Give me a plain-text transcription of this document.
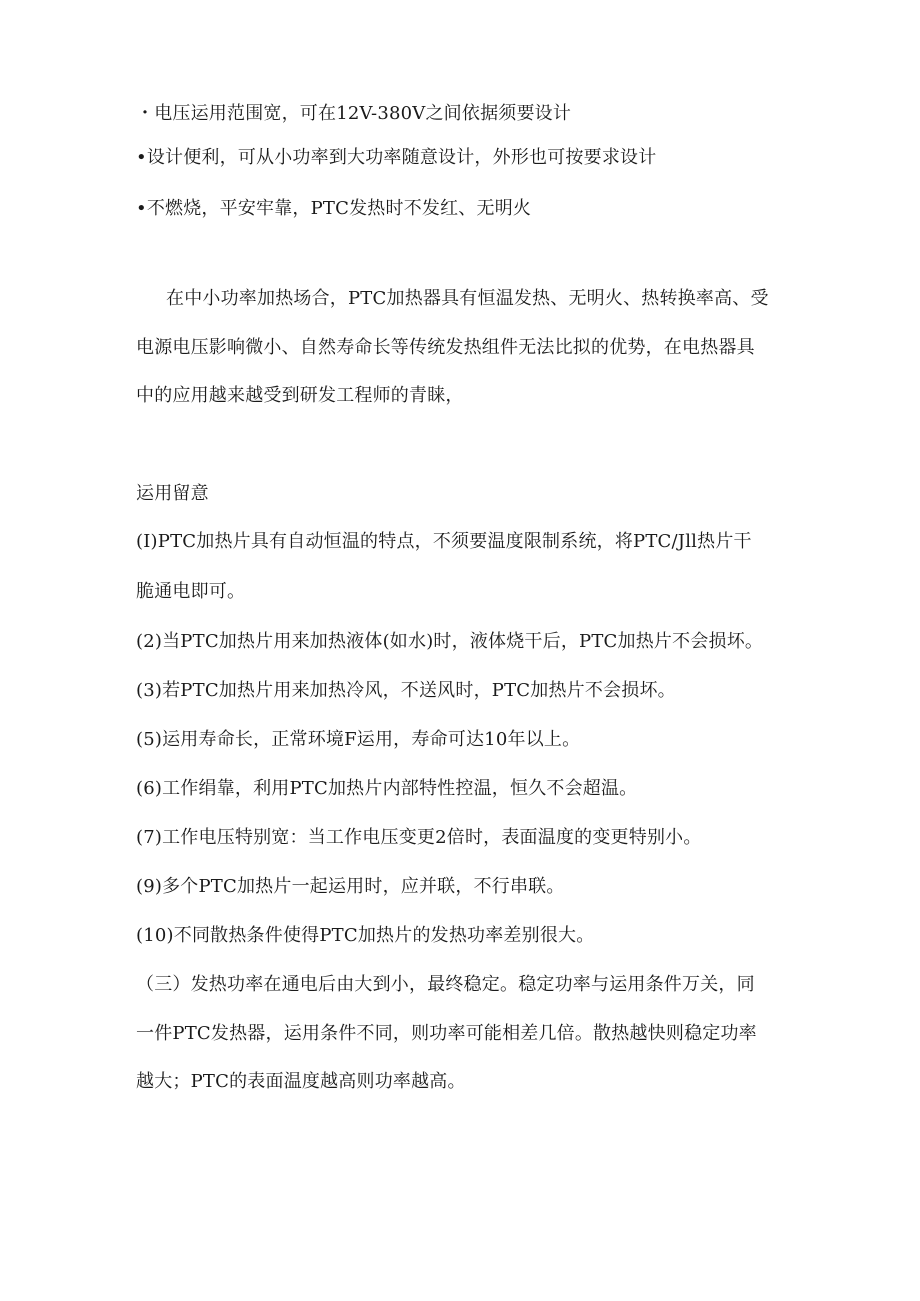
・电压运用范围宽，可在12V-380V之间依据须要设计
•设计便利，可从小功率到大功率随意设计，外形也可按要求设计
•不燃烧，平安牢靠，PTC发热时不发红、无明火
在中小功率加热场合，PTC加热器具有恒温发热、无明火、热转换率高、受
电源电压影响微小、自然寿命长等传统发热组件无法比拟的优势，在电热器具
中的应用越来越受到研发工程师的青睐，
运用留意
(I)PTC加热片具有自动恒温的特点，不须要温度限制系统，将PTC/Jll热片干
脆通电即可。
(2)当PTC加热片用来加热液体(如水)时，液体烧干后，PTC加热片不会损坏。
(3)若PTC加热片用来加热冷风，不送风时，PTC加热片不会损坏。
(5)运用寿命长，正常环境F运用，寿命可达10年以上。
(6)工作绢靠，利用PTC加热片内部特性控温，恒久不会超温。
(7)工作电压特别宽：当工作电压变更2倍时，表面温度的变更特别小。
(9)多个PTC加热片一起运用时，应并联，不行串联。
(10)不同散热条件使得PTC加热片的发热功率差别很大。
（三）发热功率在通电后由大到小，最终稳定。稳定功率与运用条件万关，同
一件PTC发热器，运用条件不同，则功率可能相差几倍。散热越快则稳定功率
越大；PTC的表面温度越高则功率越高。
